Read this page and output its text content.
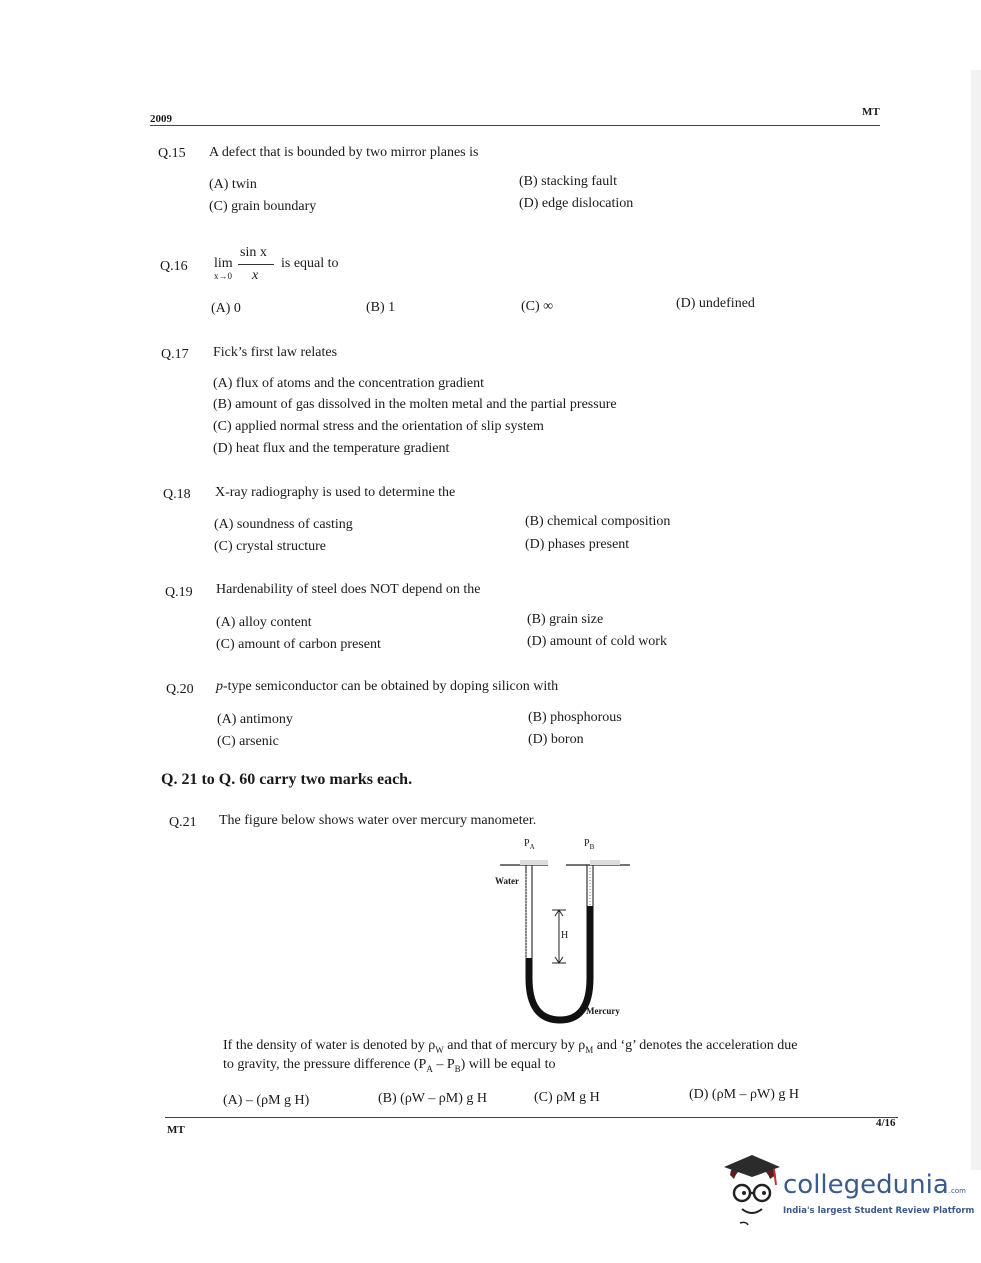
2009
MT
Q.15 A defect that is bounded by two mirror planes is
(A) twin	(B) stacking fault
(C) grain boundary	(D) edge dislocation
Q.16 lim
x→0
sin x
x
is equal to
(A) 0	(B) 1	(C) ∞	(D) undefined
Q.17 Fick’s first law relates
(A) flux of atoms and the concentration gradient
(B) amount of gas dissolved in the molten metal and the partial pressure
(C) applied normal stress and the orientation of slip system
(D) heat flux and the temperature gradient
Q.18 X-ray radiography is used to determine the
(A) soundness of casting	(B) chemical composition
(C) crystal structure	(D) phases present
Q.19 Hardenability of steel does NOT depend on the
(A) alloy content	(B) grain size
(C) amount of carbon present	(D) amount of cold work
Q.20 p-type semiconductor can be obtained by doping silicon with
(A) antimony	(B) phosphorous
(C) arsenic	(D) boron
Q. 21 to Q. 60 carry two marks each.
Q.21 The figure below shows water over mercury manometer.
$P_A$	$P_B$
Water
H
Mercury
If the density of water is denoted by $\rho_W$ and that of mercury by $\rho_M$ and ‘g’ denotes the acceleration due
to gravity, the pressure difference $(P_A - P_B)$ will be equal to
(A) – (ρM g H)	(B) (ρW – ρM) g H	(C) ρM g H	(D) (ρM – ρW) g H
MT
4/16
collegedunia.com
India's largest Student Review Platform
